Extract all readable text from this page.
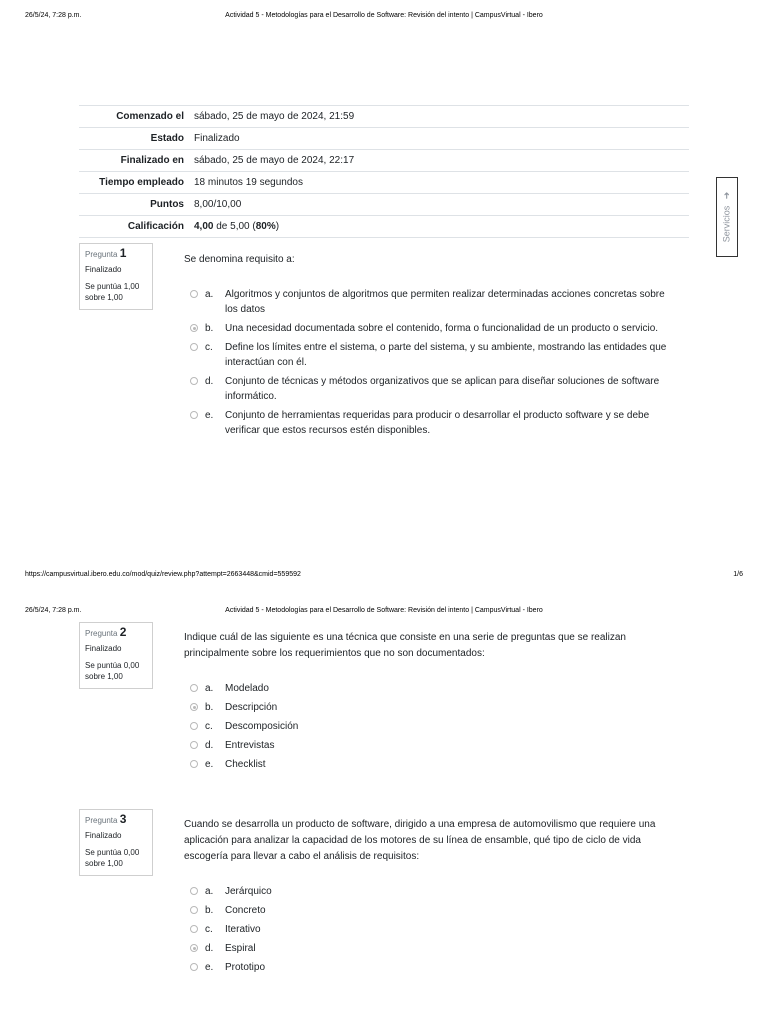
26/5/24, 7:28 p.m.	Actividad 5 - Metodologías para el Desarrollo de Software: Revisión del intento | CampusVirtual - Ibero
Comenzado el	sábado, 25 de mayo de 2024, 21:59
Estado	Finalizado
Finalizado en	sábado, 25 de mayo de 2024, 22:17
Tiempo empleado	18 minutos 19 segundos
Puntos	8,00/10,00
Calificación	4,00 de 5,00 (80%)	Servicios ➜
Pregunta 1
Finalizado
Se puntúa 1,00 sobre 1,00
Se denomina requisito a:
a. Algoritmos y conjuntos de algoritmos que permiten realizar determinadas acciones concretas sobre los datos
b. Una necesidad documentada sobre el contenido, forma o funcionalidad de un producto o servicio.
c. Define los límites entre el sistema, o parte del sistema, y su ambiente, mostrando las entidades que interactúan con él.
d. Conjunto de técnicas y métodos organizativos que se aplican para diseñar soluciones de software informático.
e. Conjunto de herramientas requeridas para producir o desarrollar el producto software y se debe verificar que estos recursos estén disponibles.
https://campusvirtual.ibero.edu.co/mod/quiz/review.php?attempt=2663448&cmid=559592	1/6
26/5/24, 7:28 p.m.	Actividad 5 - Metodologías para el Desarrollo de Software: Revisión del intento | CampusVirtual - Ibero
Pregunta 2
Finalizado
Se puntúa 0,00 sobre 1,00
Indique cuál de las siguiente es una técnica que consiste en una serie de preguntas que se realizan principalmente sobre los requerimientos que no son documentados:
a. Modelado
b. Descripción
c. Descomposición
d. Entrevistas
e. Checklist
Pregunta 3
Finalizado
Se puntúa 0,00 sobre 1,00
Cuando se desarrolla un producto de software, dirigido a una empresa de automovilismo que requiere una aplicación para analizar la capacidad de los motores de su línea de ensamble, qué tipo de ciclo de vida escogería para llevar a cabo el análisis de requisitos:
a. Jerárquico
b. Concreto
c. Iterativo
d. Espiral
e. Prototipo
